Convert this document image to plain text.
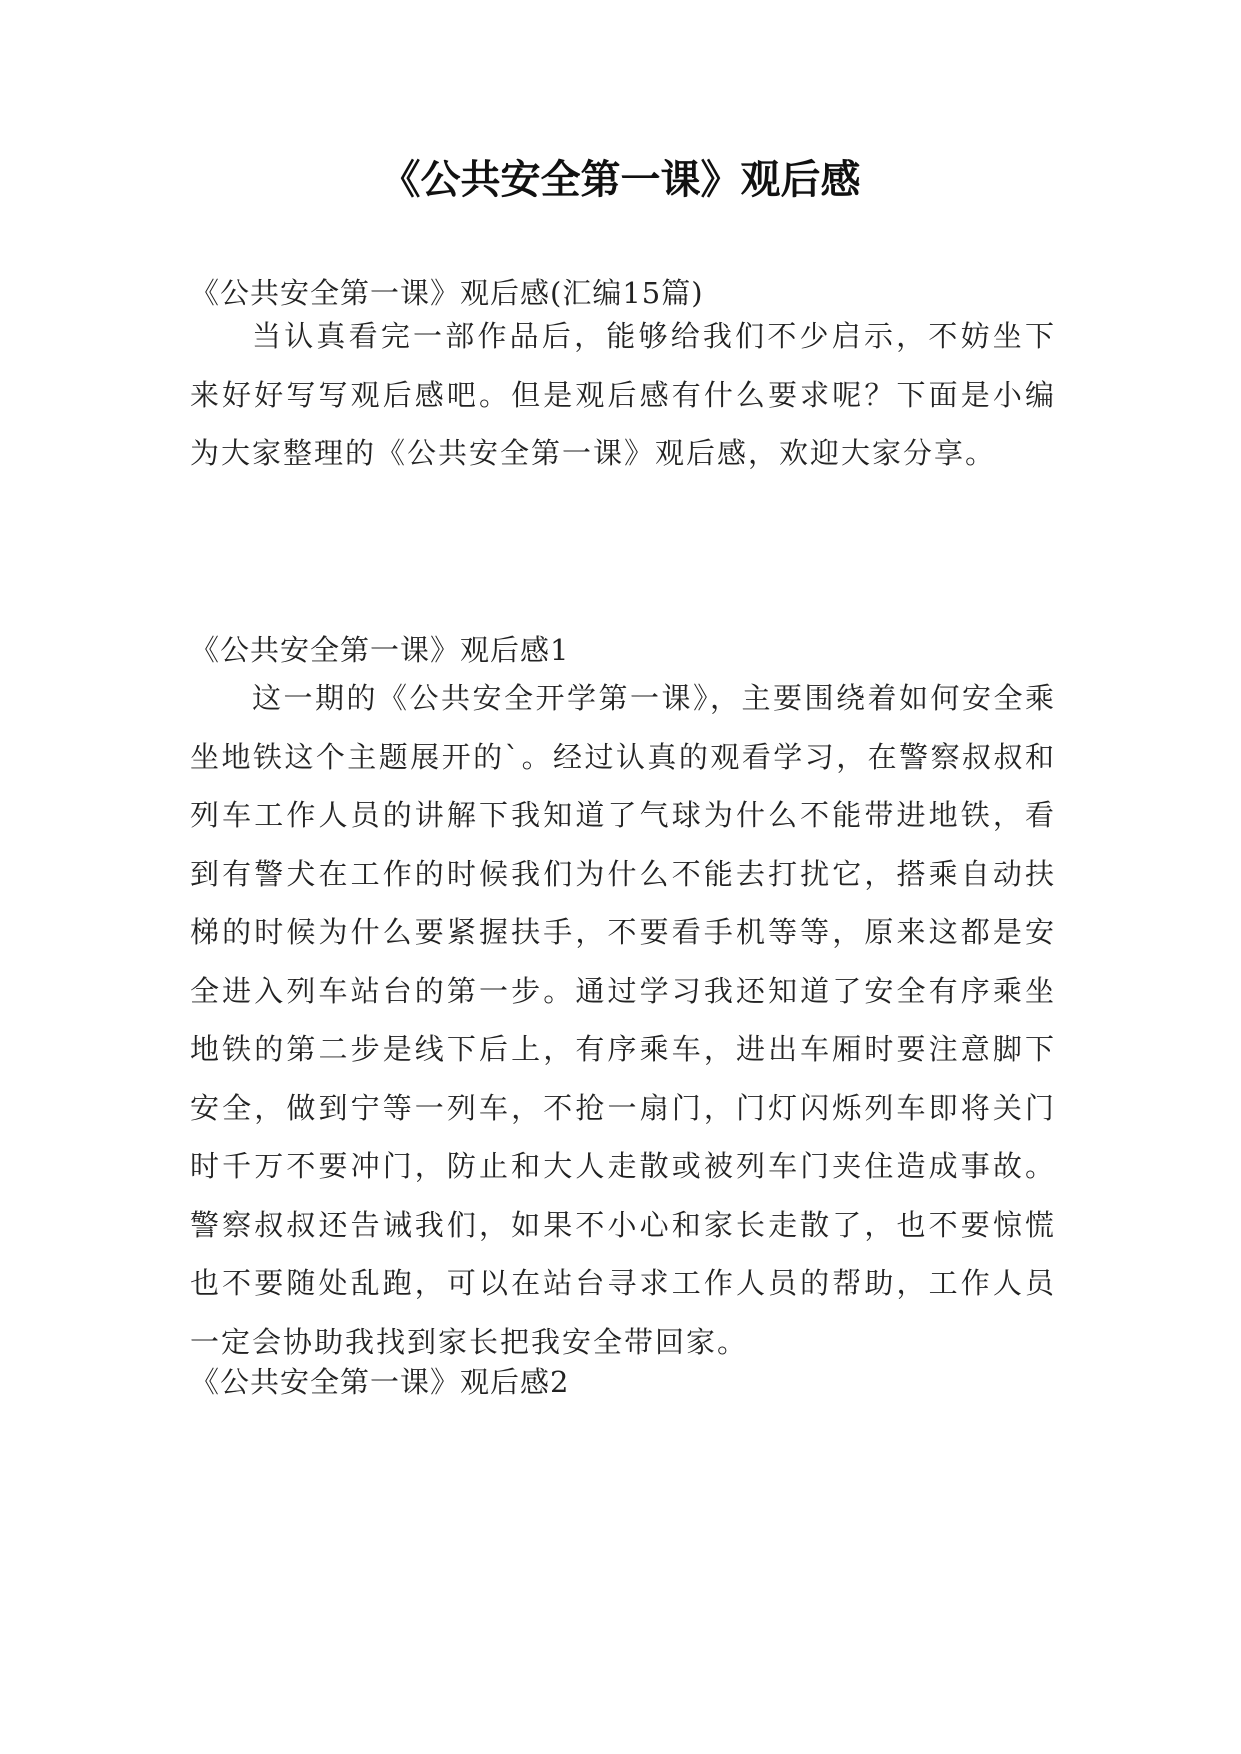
《公共安全第一课》观后感
《公共安全第一课》观后感(汇编15篇)

当认真看完一部作品后，能够给我们不少启示，不妨坐下来好好写写观后感吧。但是观后感有什么要求呢？下面是小编为大家整理的《公共安全第一课》观后感，欢迎大家分享。

《公共安全第一课》观后感1

这一期的《公共安全开学第一课》，主要围绕着如何安全乘坐地铁这个主题展开的`。经过认真的观看学习，在警察叔叔和列车工作人员的讲解下我知道了气球为什么不能带进地铁，看到有警犬在工作的时候我们为什么不能去打扰它，搭乘自动扶梯的时候为什么要紧握扶手，不要看手机等等，原来这都是安全进入列车站台的第一步。通过学习我还知道了安全有序乘坐地铁的第二步是线下后上，有序乘车，进出车厢时要注意脚下安全，做到宁等一列车，不抢一扇门，门灯闪烁列车即将关门时千万不要冲门，防止和大人走散或被列车门夹住造成事故。警察叔叔还告诫我们，如果不小心和家长走散了，也不要惊慌也不要随处乱跑，可以在站台寻求工作人员的帮助，工作人员一定会协助我找到家长把我安全带回家。

《公共安全第一课》观后感2
